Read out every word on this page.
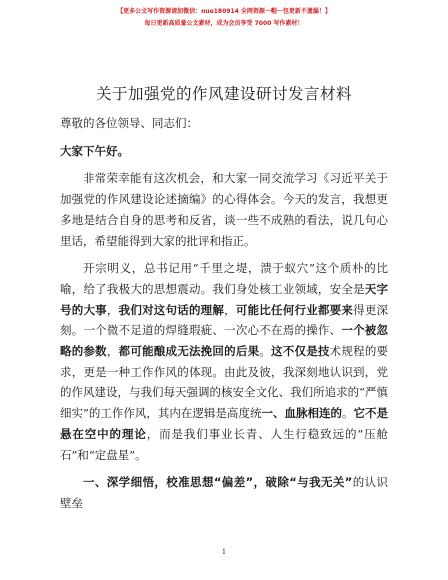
【更多公文写作资源请加微信：nuo180914 全网资源一帽一包更新不遗漏！】
每日更新高质量公文素材，成为会员享受 7000 写作素材！
关于加强党的作风建设研讨发言材料

尊敬的各位领导、同志们：

大家下午好。

非常荣幸能有这次机会，和大家一同交流学习《习近平关于加强党的作风建设论述摘编》的心得体会。今天的发言，我想更多地是结合自身的思考和反省，谈一些不成熟的看法，说几句心里话，希望能得到大家的批评和指正。

开宗明义，总书记用“千里之堤，溃于蚁穴”这个质朴的比喻，给了我极大的思想震动。我们身处核工业领域，安全是天字号的大事，我们对这句话的理解，可能比任何行业都要来得更深刻。一个微不足道的焊缝瑕疵、一次心不在焉的操作、一个被忽略的参数，都可能酿成无法挽回的后果。这不仅是技术规程的要求，更是一种工作作风的体现。由此及彼，我深刻地认识到，党的作风建设，与我们每天强调的核安全文化、我们所追求的“严慎细实”的工作作风，其内在逻辑是高度统一、血脉相连的。它不是悬在空中的理论，而是我们事业长青、人生行稳致远的“压舱石”和“定盘星”。

一、深学细悟，校准思想“偏差”，破除“与我无关”的认识壁垒

1
